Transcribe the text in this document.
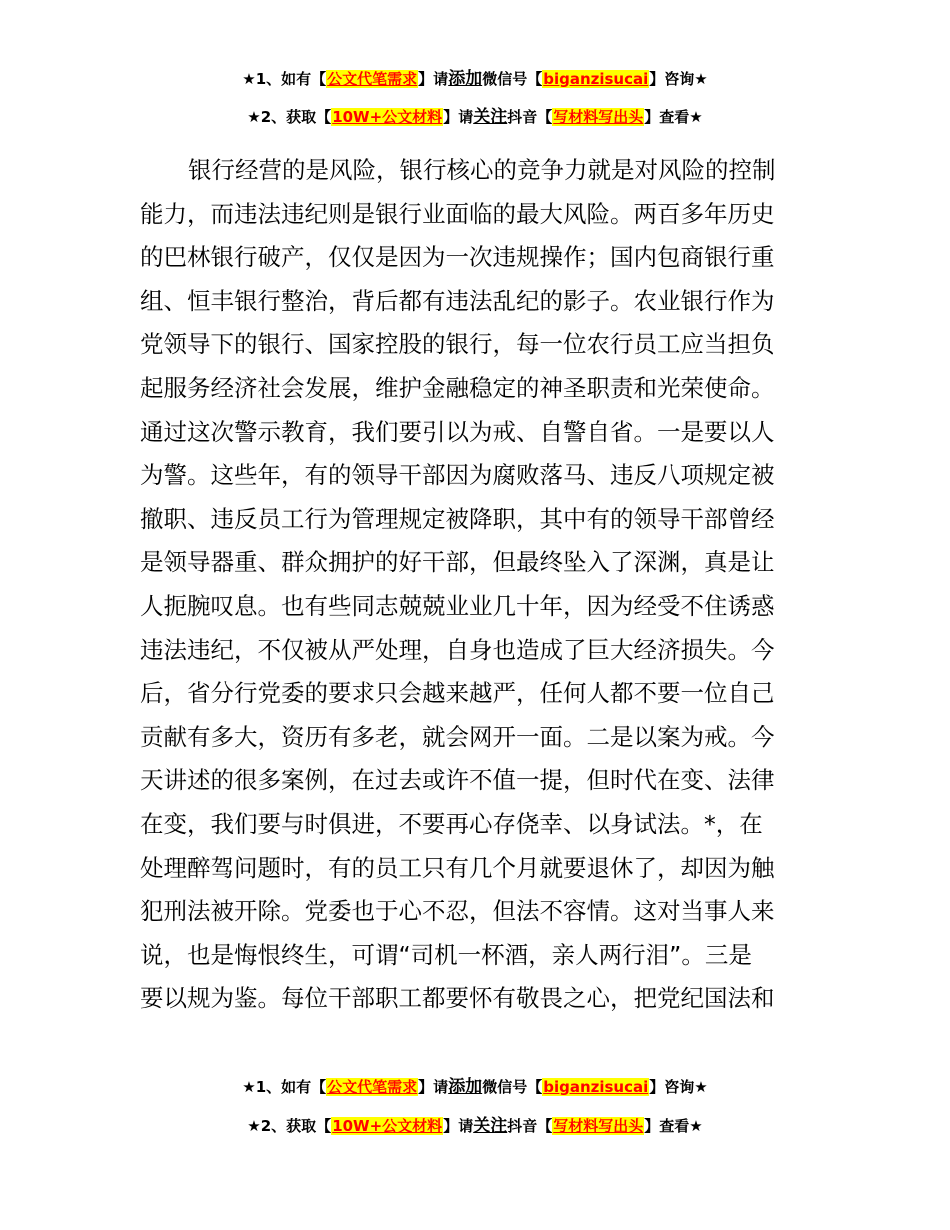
★1、如有【公文代笔需求】请添加微信号【biganzisucai】咨询★
★2、获取【10W+公文材料】请关注抖音【写材料写出头】查看★
银行经营的是风险，银行核心的竞争力就是对风险的控制
能力，而违法违纪则是银行业面临的最大风险。两百多年历史
的巴林银行破产，仅仅是因为一次违规操作；国内包商银行重
组、恒丰银行整治，背后都有违法乱纪的影子。农业银行作为
党领导下的银行、国家控股的银行，每一位农行员工应当担负
起服务经济社会发展，维护金融稳定的神圣职责和光荣使命。
通过这次警示教育，我们要引以为戒、自警自省。一是要以人
为警。这些年，有的领导干部因为腐败落马、违反八项规定被
撤职、违反员工行为管理规定被降职，其中有的领导干部曾经
是领导器重、群众拥护的好干部，但最终坠入了深渊，真是让
人扼腕叹息。也有些同志兢兢业业几十年，因为经受不住诱惑
违法违纪，不仅被从严处理，自身也造成了巨大经济损失。今
后，省分行党委的要求只会越来越严，任何人都不要一位自己
贡献有多大，资历有多老，就会网开一面。二是以案为戒。今
天讲述的很多案例，在过去或许不值一提，但时代在变、法律
在变，我们要与时俱进，不要再心存侥幸、以身试法。*，在
处理醉驾问题时，有的员工只有几个月就要退休了，却因为触
犯刑法被开除。党委也于心不忍，但法不容情。这对当事人来
说，也是悔恨终生，可谓“司机一杯酒，亲人两行泪”。三是
要以规为鉴。每位干部职工都要怀有敬畏之心，把党纪国法和
★1、如有【公文代笔需求】请添加微信号【biganzisucai】咨询★
★2、获取【10W+公文材料】请关注抖音【写材料写出头】查看★
